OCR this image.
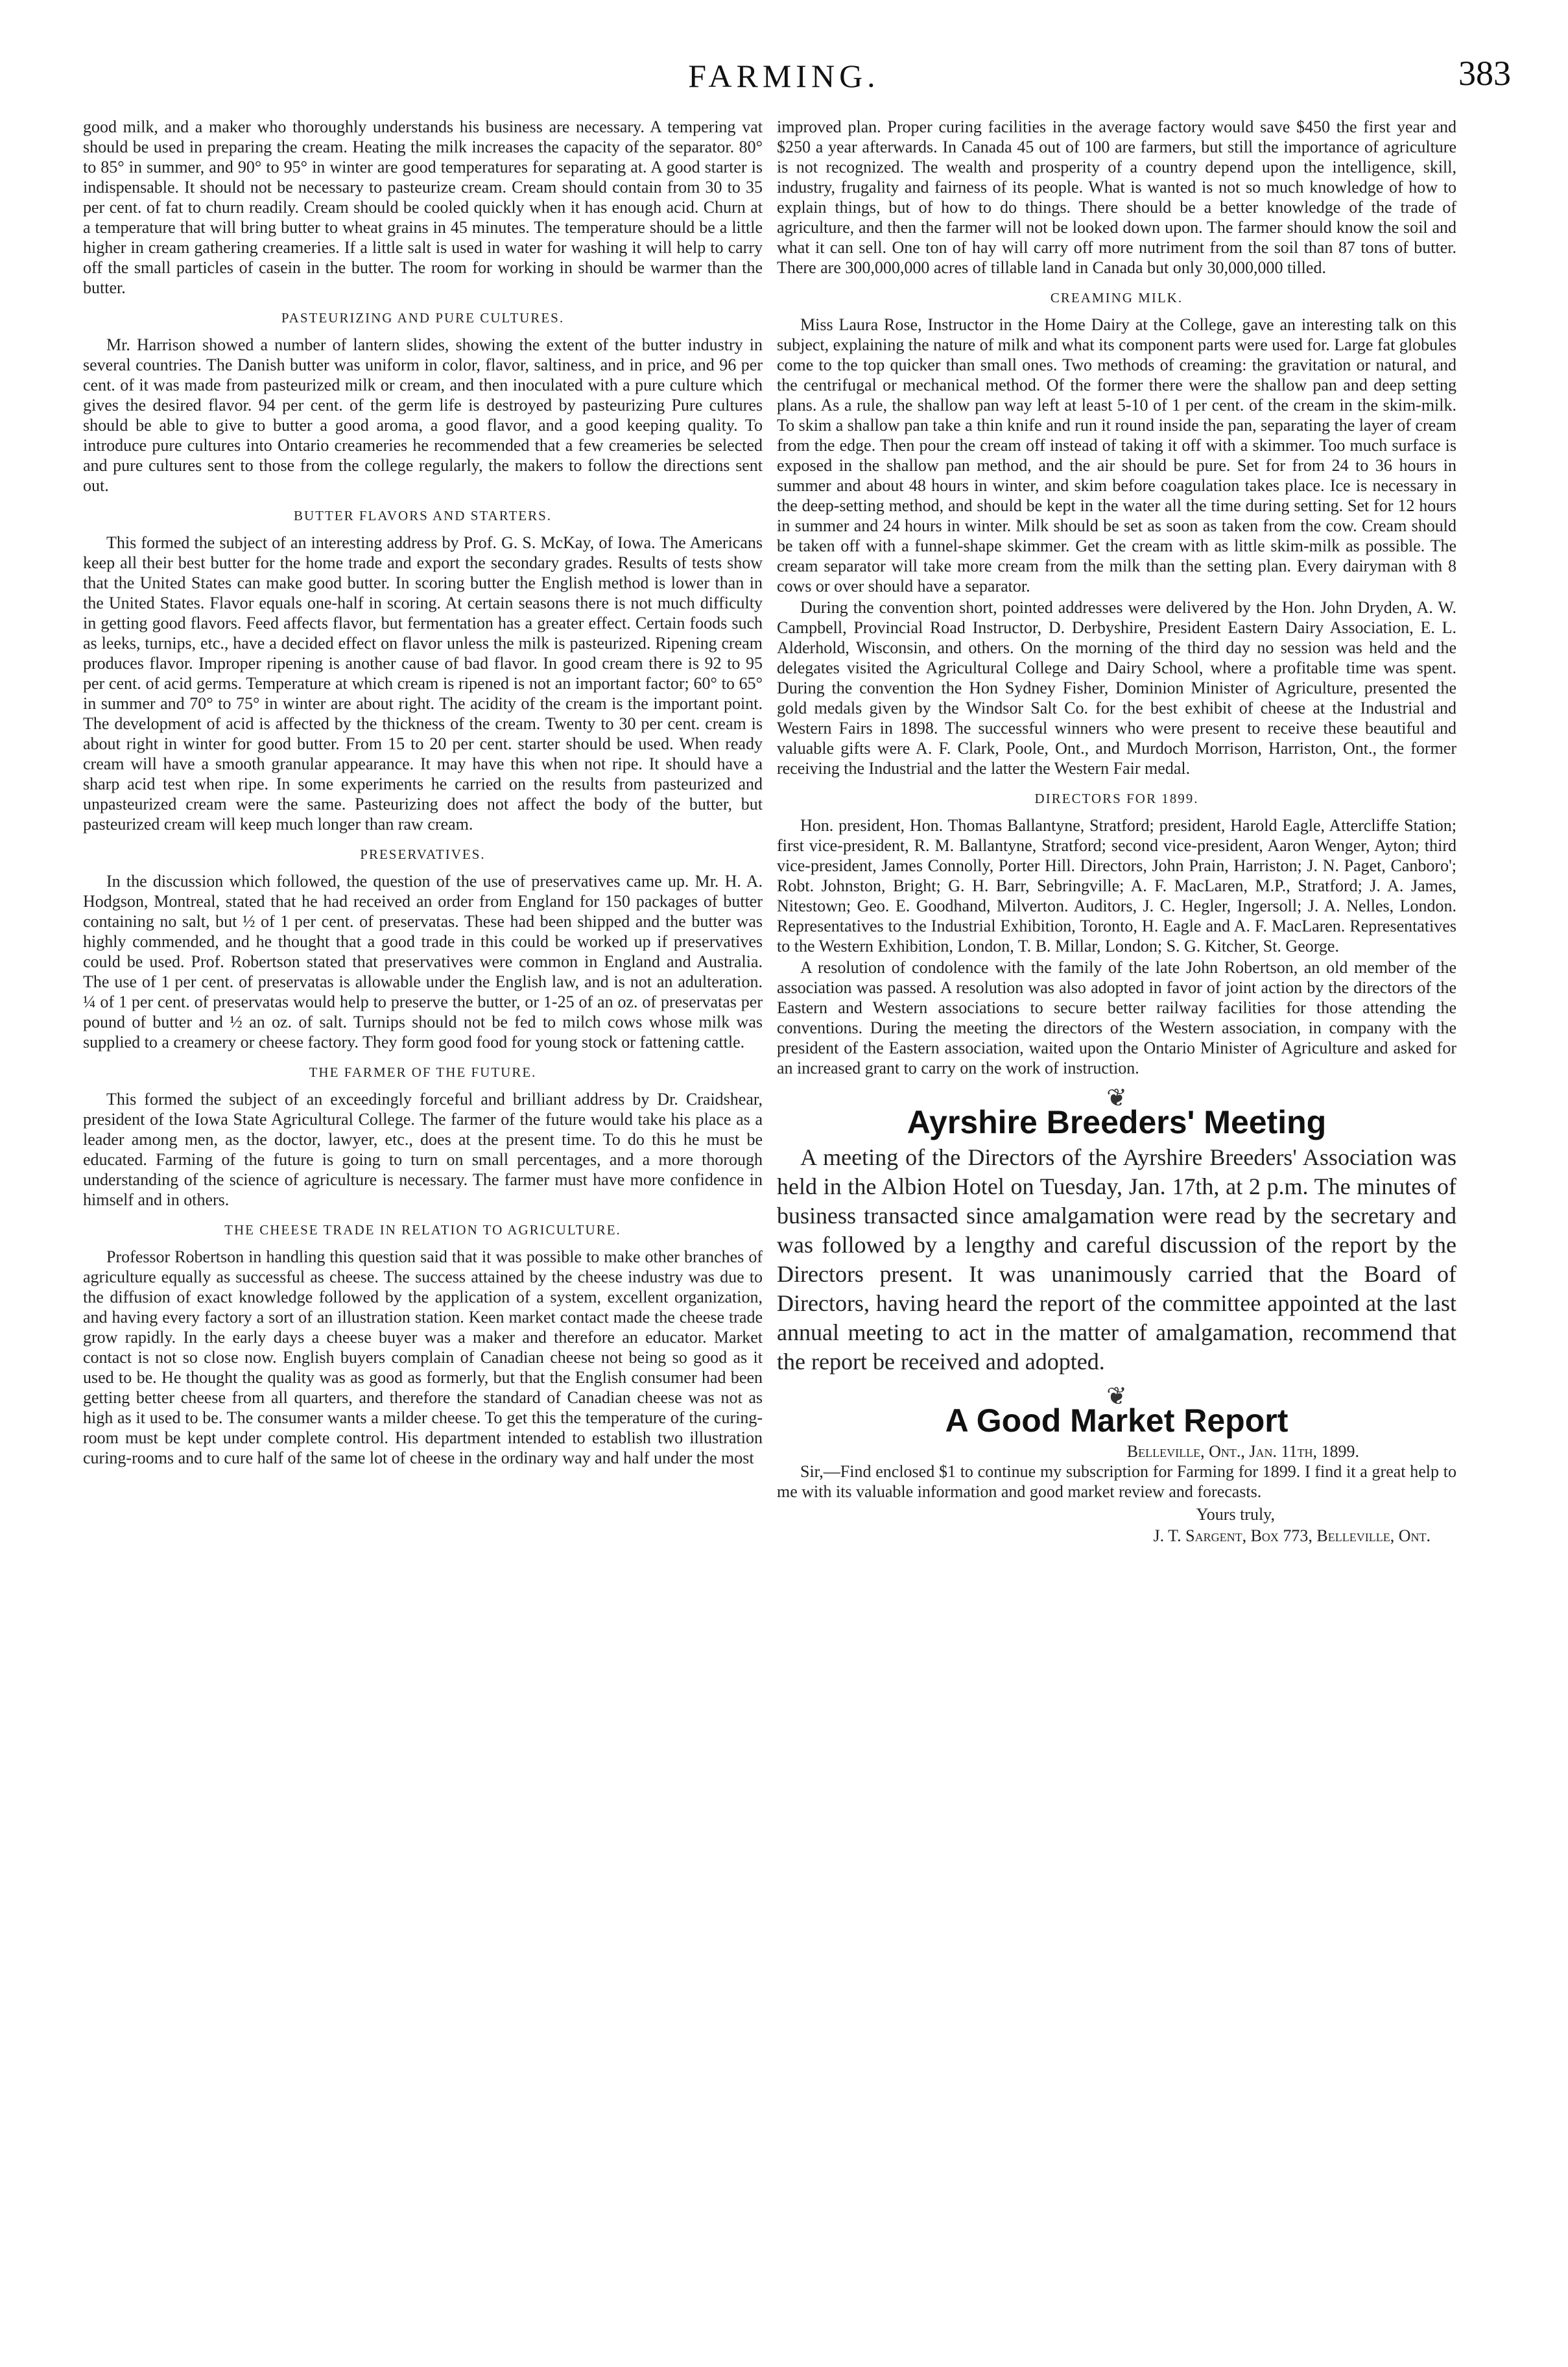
FARMING.	383

good milk, and a maker who thoroughly understands his business are necessary. A tempering vat should be used in preparing the cream. Heating the milk increases the capacity of the separator. 80° to 85° in summer, and 90° to 95° in winter are good temperatures for separating at. A good starter is indispensable. It should not be necessary to pasteurize cream. Cream should contain from 30 to 35 per cent. of fat to churn readily. Cream should be cooled quickly when it has enough acid. Churn at a temperature that will bring butter to wheat grains in 45 minutes. The temperature should be a little higher in cream gathering creameries. If a little salt is used in water for washing it will help to carry off the small particles of casein in the butter. The room for working in should be warmer than the butter.

PASTEURIZING AND PURE CULTURES.

Mr. Harrison showed a number of lantern slides, showing the extent of the butter industry in several countries. The Danish butter was uniform in color, flavor, saltiness, and in price, and 96 per cent. of it was made from pasteurized milk or cream, and then inoculated with a pure culture which gives the desired flavor. 94 per cent. of the germ life is destroyed by pasteurizing Pure cultures should be able to give to butter a good aroma, a good flavor, and a good keeping quality. To introduce pure cultures into Ontario creameries he recommended that a few creameries be selected and pure cultures sent to those from the college regularly, the makers to follow the directions sent out.

BUTTER FLAVORS AND STARTERS.

This formed the subject of an interesting address by Prof. G. S. McKay, of Iowa. The Americans keep all their best butter for the home trade and export the secondary grades. Results of tests show that the United States can make good butter. In scoring butter the English method is lower than in the United States. Flavor equals one-half in scoring. At certain seasons there is not much difficulty in getting good flavors. Feed affects flavor, but fermentation has a greater effect. Certain foods such as leeks, turnips, etc., have a decided effect on flavor unless the milk is pasteurized. Ripening cream produces flavor. Improper ripening is another cause of bad flavor. In good cream there is 92 to 95 per cent. of acid germs. Temperature at which cream is ripened is not an important factor; 60° to 65° in summer and 70° to 75° in winter are about right. The acidity of the cream is the important point. The development of acid is affected by the thickness of the cream. Twenty to 30 per cent. cream is about right in winter for good butter. From 15 to 20 per cent. starter should be used. When ready cream will have a smooth granular appearance. It may have this when not ripe. It should have a sharp acid test when ripe. In some experiments he carried on the results from pasteurized and unpasteurized cream were the same. Pasteurizing does not affect the body of the butter, but pasteurized cream will keep much longer than raw cream.

PRESERVATIVES.

In the discussion which followed, the question of the use of preservatives came up. Mr. H. A. Hodgson, Montreal, stated that he had received an order from England for 150 packages of butter containing no salt, but ½ of 1 per cent. of preservatas. These had been shipped and the butter was highly commended, and he thought that a good trade in this could be worked up if preservatives could be used. Prof. Robertson stated that preservatives were common in England and Australia. The use of 1 per cent. of preservatas is allowable under the English law, and is not an adulteration. ¼ of 1 per cent. of preservatas would help to preserve the butter, or 1-25 of an oz. of preservatas per pound of butter and ½ an oz. of salt. Turnips should not be fed to milch cows whose milk was supplied to a creamery or cheese factory. They form good food for young stock or fattening cattle.

THE FARMER OF THE FUTURE.

This formed the subject of an exceedingly forceful and brilliant address by Dr. Craidshear, president of the Iowa State Agricultural College. The farmer of the future would take his place as a leader among men, as the doctor, lawyer, etc., does at the present time. To do this he must be educated. Farming of the future is going to turn on small percentages, and a more thorough understanding of the science of agriculture is necessary. The farmer must have more confidence in himself and in others.

THE CHEESE TRADE IN RELATION TO AGRICULTURE.

Professor Robertson in handling this question said that it was possible to make other branches of agriculture equally as successful as cheese. The success attained by the cheese industry was due to the diffusion of exact knowledge followed by the application of a system, excellent organization, and having every factory a sort of an illustration station. Keen market contact made the cheese trade grow rapidly. In the early days a cheese buyer was a maker and therefore an educator. Market contact is not so close now. English buyers complain of Canadian cheese not being so good as it used to be. He thought the quality was as good as formerly, but that the English consumer had been getting better cheese from all quarters, and therefore the standard of Canadian cheese was not as high as it used to be. The consumer wants a milder cheese. To get this the temperature of the curing-room must be kept under complete control. His department intended to establish two illustration curing-rooms and to cure half of the same lot of cheese in the ordinary way and half under the most

improved plan. Proper curing facilities in the average factory would save $450 the first year and $250 a year afterwards. In Canada 45 out of 100 are farmers, but still the importance of agriculture is not recognized. The wealth and prosperity of a country depend upon the intelligence, skill, industry, frugality and fairness of its people. What is wanted is not so much knowledge of how to explain things, but of how to do things. There should be a better knowledge of the trade of agriculture, and then the farmer will not be looked down upon. The farmer should know the soil and what it can sell. One ton of hay will carry off more nutriment from the soil than 87 tons of butter. There are 300,000,000 acres of tillable land in Canada but only 30,000,000 tilled.

CREAMING MILK.

Miss Laura Rose, Instructor in the Home Dairy at the College, gave an interesting talk on this subject, explaining the nature of milk and what its component parts were used for. Large fat globules come to the top quicker than small ones. Two methods of creaming: the gravitation or natural, and the centrifugal or mechanical method. Of the former there were the shallow pan and deep setting plans. As a rule, the shallow pan way left at least 5-10 of 1 per cent. of the cream in the skim-milk. To skim a shallow pan take a thin knife and run it round inside the pan, separating the layer of cream from the edge. Then pour the cream off instead of taking it off with a skimmer. Too much surface is exposed in the shallow pan method, and the air should be pure. Set for from 24 to 36 hours in summer and about 48 hours in winter, and skim before coagulation takes place. Ice is necessary in the deep-setting method, and should be kept in the water all the time during setting. Set for 12 hours in summer and 24 hours in winter. Milk should be set as soon as taken from the cow. Cream should be taken off with a funnel-shape skimmer. Get the cream with as little skim-milk as possible. The cream separator will take more cream from the milk than the setting plan. Every dairyman with 8 cows or over should have a separator.

During the convention short, pointed addresses were delivered by the Hon. John Dryden, A. W. Campbell, Provincial Road Instructor, D. Derbyshire, President Eastern Dairy Association, E. L. Alderhold, Wisconsin, and others. On the morning of the third day no session was held and the delegates visited the Agricultural College and Dairy School, where a profitable time was spent. During the convention the Hon Sydney Fisher, Dominion Minister of Agriculture, presented the gold medals given by the Windsor Salt Co. for the best exhibit of cheese at the Industrial and Western Fairs in 1898. The successful winners who were present to receive these beautiful and valuable gifts were A. F. Clark, Poole, Ont., and Murdoch Morrison, Harriston, Ont., the former receiving the Industrial and the latter the Western Fair medal.

DIRECTORS FOR 1899.

Hon. president, Hon. Thomas Ballantyne, Stratford; president, Harold Eagle, Attercliffe Station; first vice-president, R. M. Ballantyne, Stratford; second vice-president, Aaron Wenger, Ayton; third vice-president, James Connolly, Porter Hill. Directors, John Prain, Harriston; J. N. Paget, Canboro'; Robt. Johnston, Bright; G. H. Barr, Sebringville; A. F. MacLaren, M.P., Stratford; J. A. James, Nitestown; Geo. E. Goodhand, Milverton. Auditors, J. C. Hegler, Ingersoll; J. A. Nelles, London. Representatives to the Industrial Exhibition, Toronto, H. Eagle and A. F. MacLaren. Representatives to the Western Exhibition, London, T. B. Millar, London; S. G. Kitcher, St. George.

A resolution of condolence with the family of the late John Robertson, an old member of the association was passed. A resolution was also adopted in favor of joint action by the directors of the Eastern and Western associations to secure better railway facilities for those attending the conventions. During the meeting the directors of the Western association, in company with the president of the Eastern association, waited upon the Ontario Minister of Agriculture and asked for an increased grant to carry on the work of instruction.

❦
Ayrshire Breeders' Meeting

A meeting of the Directors of the Ayrshire Breeders' Association was held in the Albion Hotel on Tuesday, Jan. 17th, at 2 p.m. The minutes of business transacted since amalgamation were read by the secretary and was followed by a lengthy and careful discussion of the report by the Directors present. It was unanimously carried that the Board of Directors, having heard the report of the committee appointed at the last annual meeting to act in the matter of amalgamation, recommend that the report be received and adopted.

❦
A Good Market Report
Belleville, Ont., Jan. 11th, 1899.

Sir,—Find enclosed $1 to continue my subscription for Farming for 1899. I find it a great help to me with its valuable information and good market review and forecasts.

Yours truly,
J. T. Sargent, Box 773, Belleville, Ont.
